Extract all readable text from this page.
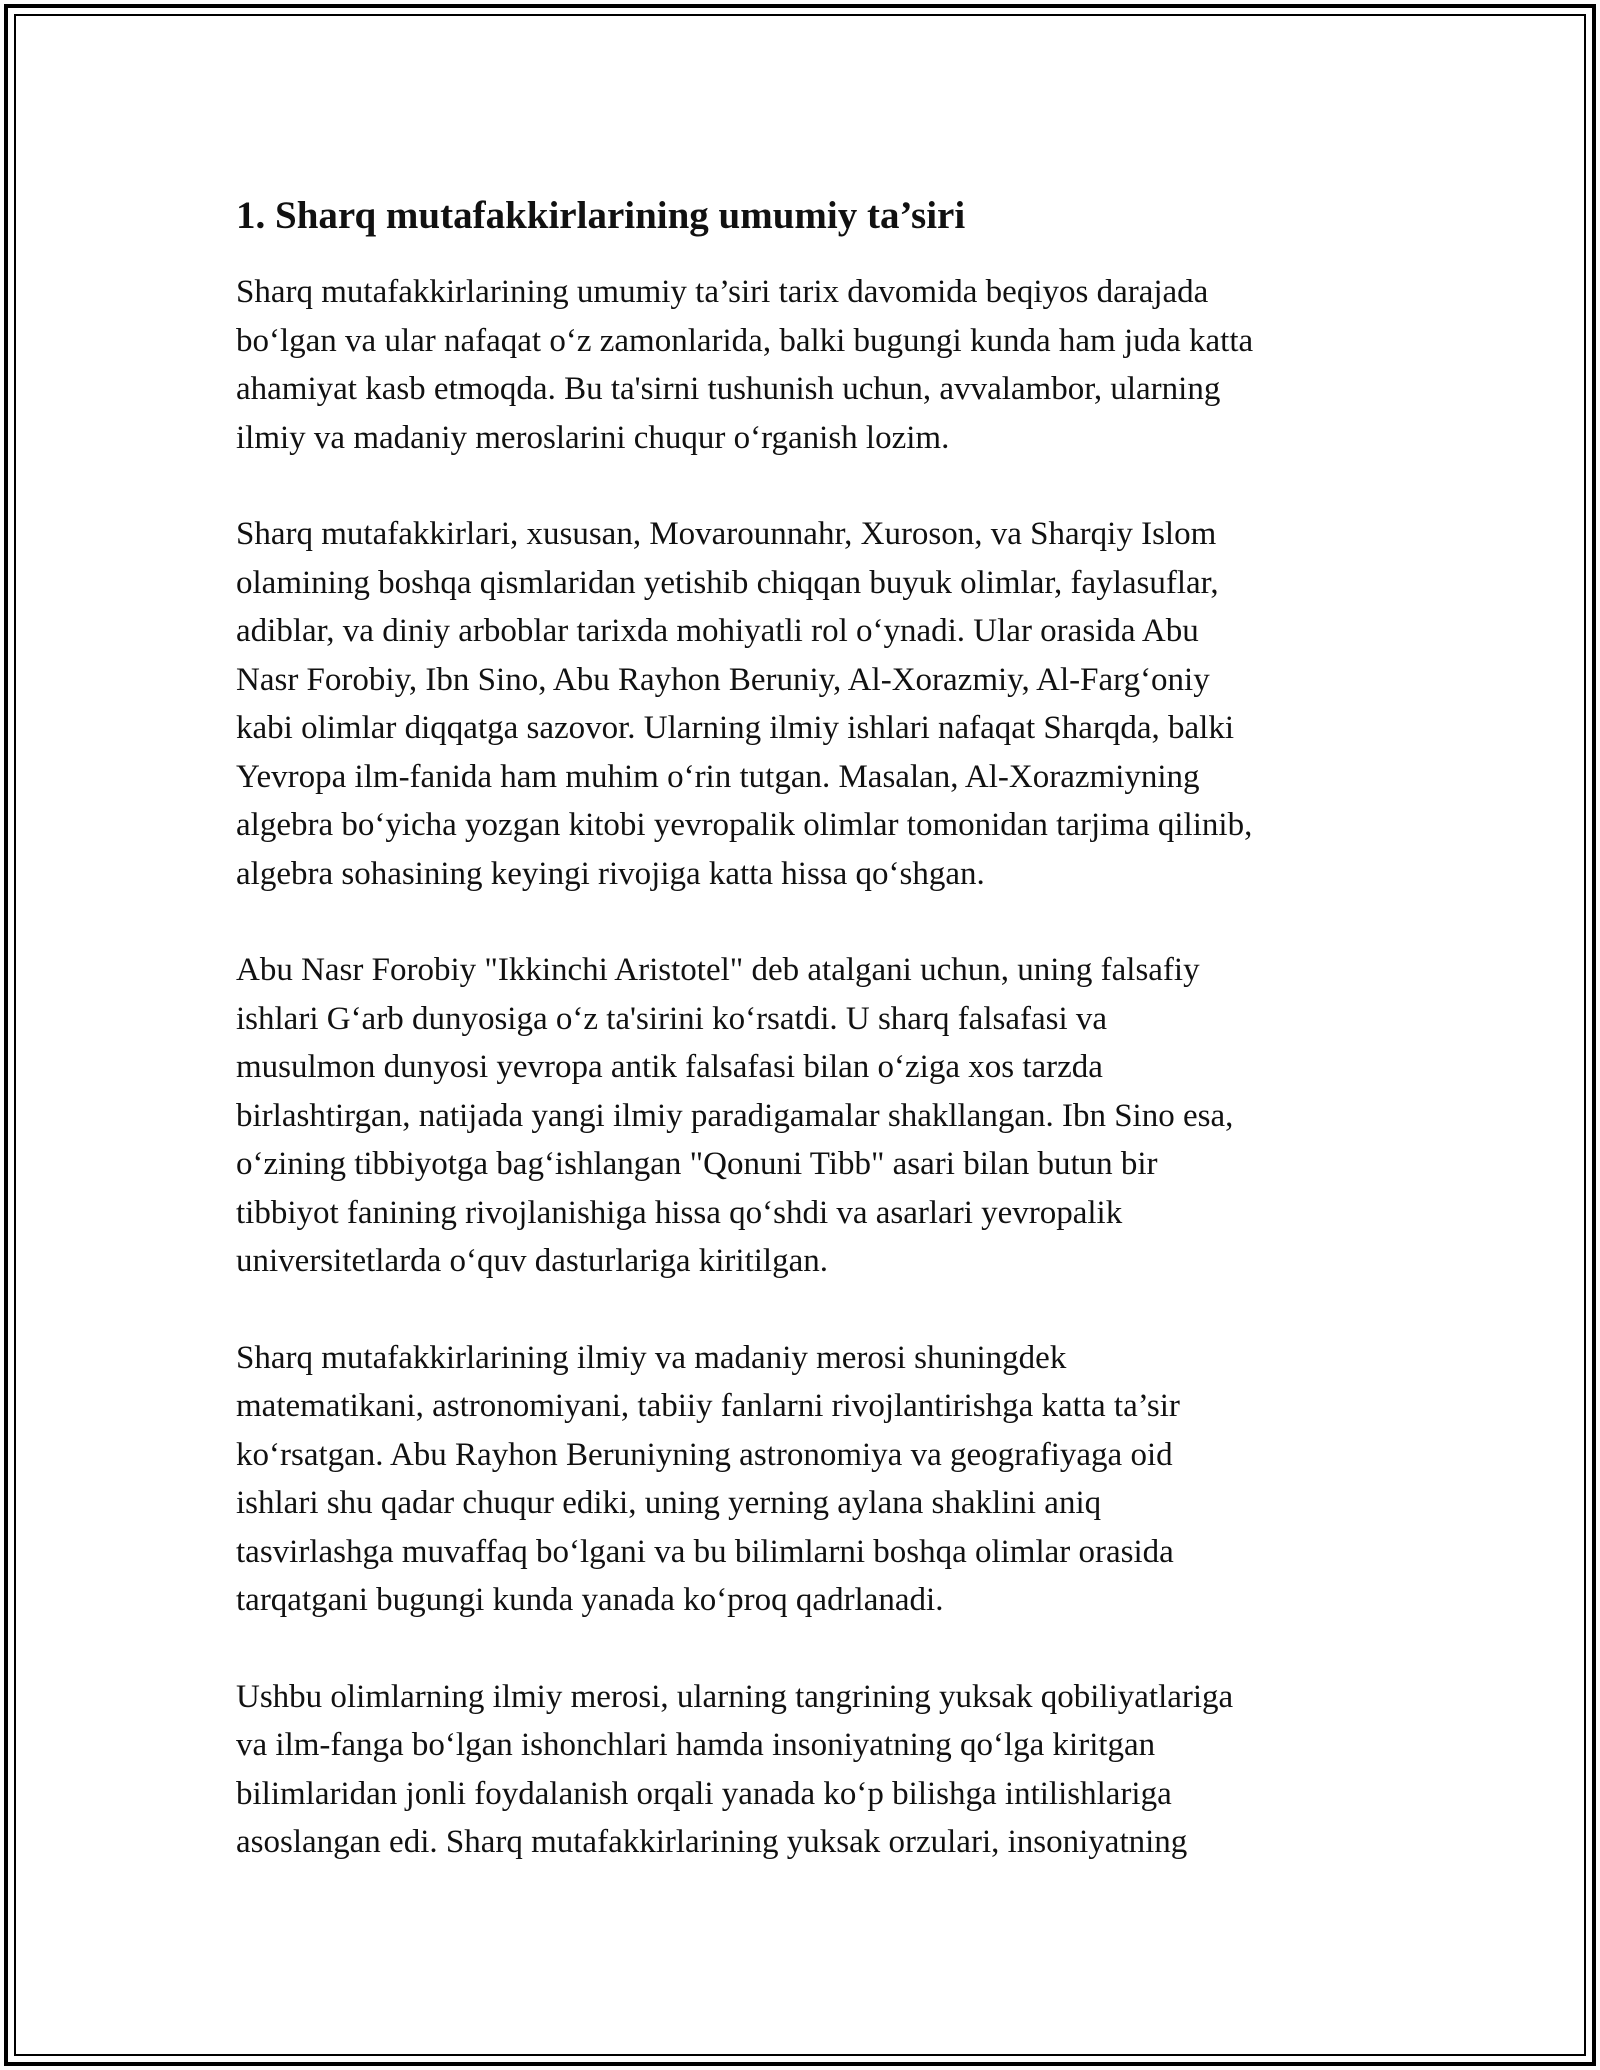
1. Sharq mutafakkirlarining umumiy ta’siri

Sharq mutafakkirlarining umumiy ta’siri tarix davomida beqiyos darajada
bo‘lgan va ular nafaqat o‘z zamonlarida, balki bugungi kunda ham juda katta
ahamiyat kasb etmoqda. Bu ta'sirni tushunish uchun, avvalambor, ularning
ilmiy va madaniy meroslarini chuqur o‘rganish lozim.

Sharq mutafakkirlari, xususan, Movarounnahr, Xuroson, va Sharqiy Islom
olamining boshqa qismlaridan yetishib chiqqan buyuk olimlar, faylasuflar,
adiblar, va diniy arboblar tarixda mohiyatli rol o‘ynadi. Ular orasida Abu
Nasr Forobiy, Ibn Sino, Abu Rayhon Beruniy, Al-Xorazmiy, Al-Farg‘oniy
kabi olimlar diqqatga sazovor. Ularning ilmiy ishlari nafaqat Sharqda, balki
Yevropa ilm-fanida ham muhim o‘rin tutgan. Masalan, Al-Xorazmiyning
algebra bo‘yicha yozgan kitobi yevropalik olimlar tomonidan tarjima qilinib,
algebra sohasining keyingi rivojiga katta hissa qo‘shgan.

Abu Nasr Forobiy "Ikkinchi Aristotel" deb atalgani uchun, uning falsafiy
ishlari G‘arb dunyosiga o‘z ta'sirini ko‘rsatdi. U sharq falsafasi va
musulmon dunyosi yevropa antik falsafasi bilan o‘ziga xos tarzda
birlashtirgan, natijada yangi ilmiy paradigamalar shakllangan. Ibn Sino esa,
o‘zining tibbiyotga bag‘ishlangan "Qonuni Tibb" asari bilan butun bir
tibbiyot fanining rivojlanishiga hissa qo‘shdi va asarlari yevropalik
universitetlarda o‘quv dasturlariga kiritilgan.

Sharq mutafakkirlarining ilmiy va madaniy merosi shuningdek
matematikani, astronomiyani, tabiiy fanlarni rivojlantirishga katta ta’sir
ko‘rsatgan. Abu Rayhon Beruniyning astronomiya va geografiyaga oid
ishlari shu qadar chuqur ediki, uning yerning aylana shaklini aniq
tasvirlashga muvaffaq bo‘lgani va bu bilimlarni boshqa olimlar orasida
tarqatgani bugungi kunda yanada ko‘proq qadrlanadi.

Ushbu olimlarning ilmiy merosi, ularning tangrining yuksak qobiliyatlariga
va ilm-fanga bo‘lgan ishonchlari hamda insoniyatning qo‘lga kiritgan
bilimlaridan jonli foydalanish orqali yanada ko‘p bilishga intilishlariga
asoslangan edi. Sharq mutafakkirlarining yuksak orzulari, insoniyatning
